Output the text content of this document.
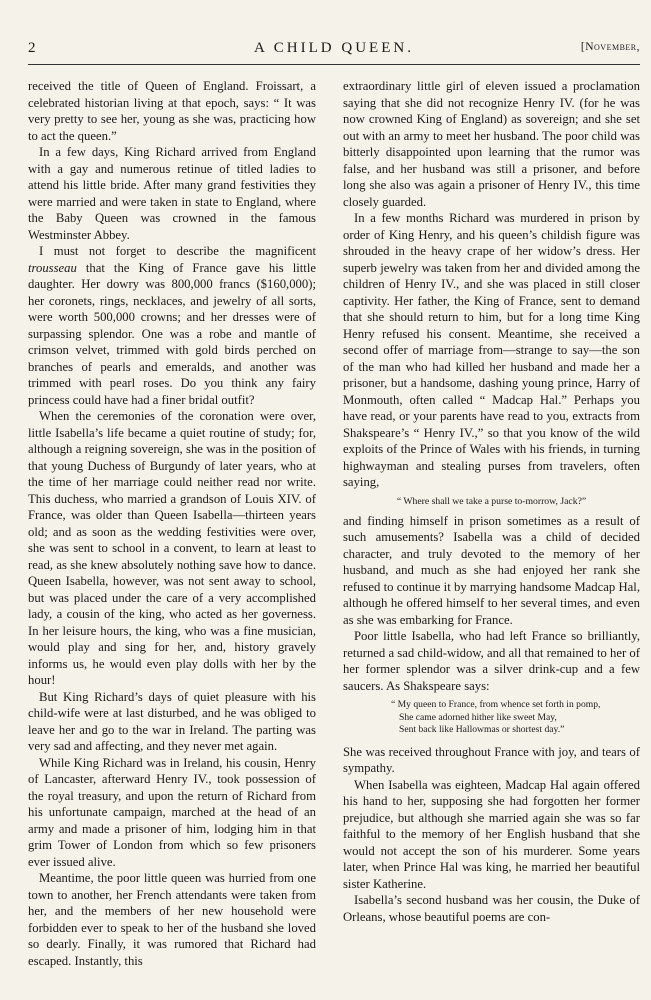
2	A CHILD QUEEN.	[November,

received the title of Queen of England. Froissart, a celebrated historian living at that epoch, says: “ It was very pretty to see her, young as she was, practicing how to act the queen.”

In a few days, King Richard arrived from England with a gay and numerous retinue of titled ladies to attend his little bride. After many grand festivities they were married and were taken in state to England, where the Baby Queen was crowned in the famous Westminster Abbey.

I must not forget to describe the magnificent trousseau that the King of France gave his little daughter. Her dowry was 800,000 francs ($160,000); her coronets, rings, necklaces, and jewelry of all sorts, were worth 500,000 crowns; and her dresses were of surpassing splendor. One was a robe and mantle of crimson velvet, trimmed with gold birds perched on branches of pearls and emeralds, and another was trimmed with pearl roses. Do you think any fairy princess could have had a finer bridal outfit?

When the ceremonies of the coronation were over, little Isabella’s life became a quiet routine of study; for, although a reigning sovereign, she was in the position of that young Duchess of Burgundy of later years, who at the time of her marriage could neither read nor write. This duchess, who married a grandson of Louis XIV. of France, was older than Queen Isabella—thirteen years old; and as soon as the wedding festivities were over, she was sent to school in a convent, to learn at least to read, as she knew absolutely nothing save how to dance. Queen Isabella, however, was not sent away to school, but was placed under the care of a very accomplished lady, a cousin of the king, who acted as her governess. In her leisure hours, the king, who was a fine musician, would play and sing for her, and, history gravely informs us, he would even play dolls with her by the hour!

But King Richard’s days of quiet pleasure with his child-wife were at last disturbed, and he was obliged to leave her and go to the war in Ireland. The parting was very sad and affecting, and they never met again.

While King Richard was in Ireland, his cousin, Henry of Lancaster, afterward Henry IV., took possession of the royal treasury, and upon the return of Richard from his unfortunate campaign, marched at the head of an army and made a prisoner of him, lodging him in that grim Tower of London from which so few prisoners ever issued alive.

Meantime, the poor little queen was hurried from one town to another, her French attendants were taken from her, and the members of her new household were forbidden ever to speak to her of the husband she loved so dearly. Finally, it was rumored that Richard had escaped. Instantly, this

extraordinary little girl of eleven issued a proclamation saying that she did not recognize Henry IV. (for he was now crowned King of England) as sovereign; and she set out with an army to meet her husband. The poor child was bitterly disappointed upon learning that the rumor was false, and her husband was still a prisoner, and before long she also was again a prisoner of Henry IV., this time closely guarded.

In a few months Richard was murdered in prison by order of King Henry, and his queen’s childish figure was shrouded in the heavy crape of her widow’s dress. Her superb jewelry was taken from her and divided among the children of Henry IV., and she was placed in still closer captivity. Her father, the King of France, sent to demand that she should return to him, but for a long time King Henry refused his consent. Meantime, she received a second offer of marriage from—strange to say—the son of the man who had killed her husband and made her a prisoner, but a handsome, dashing young prince, Harry of Monmouth, often called “ Madcap Hal.” Perhaps you have read, or your parents have read to you, extracts from Shakspeare’s “ Henry IV.,” so that you know of the wild exploits of the Prince of Wales with his friends, in turning highwayman and stealing purses from travelers, often saying,

“ Where shall we take a purse to-morrow, Jack?”

and finding himself in prison sometimes as a result of such amusements? Isabella was a child of decided character, and truly devoted to the memory of her husband, and much as she had enjoyed her rank she refused to continue it by marrying handsome Madcap Hal, although he offered himself to her several times, and even as she was embarking for France.

Poor little Isabella, who had left France so brilliantly, returned a sad child-widow, and all that remained to her of her former splendor was a silver drink-cup and a few saucers. As Shakspeare says:

“ My queen to France, from whence set forth in pomp,
She came adorned hither like sweet May,
Sent back like Hallowmas or shortest day.”

She was received throughout France with joy, and tears of sympathy.

When Isabella was eighteen, Madcap Hal again offered his hand to her, supposing she had forgotten her former prejudice, but although she married again she was so far faithful to the memory of her English husband that she would not accept the son of his murderer. Some years later, when Prince Hal was king, he married her beautiful sister Katherine.

Isabella’s second husband was her cousin, the Duke of Orleans, whose beautiful poems are con-
